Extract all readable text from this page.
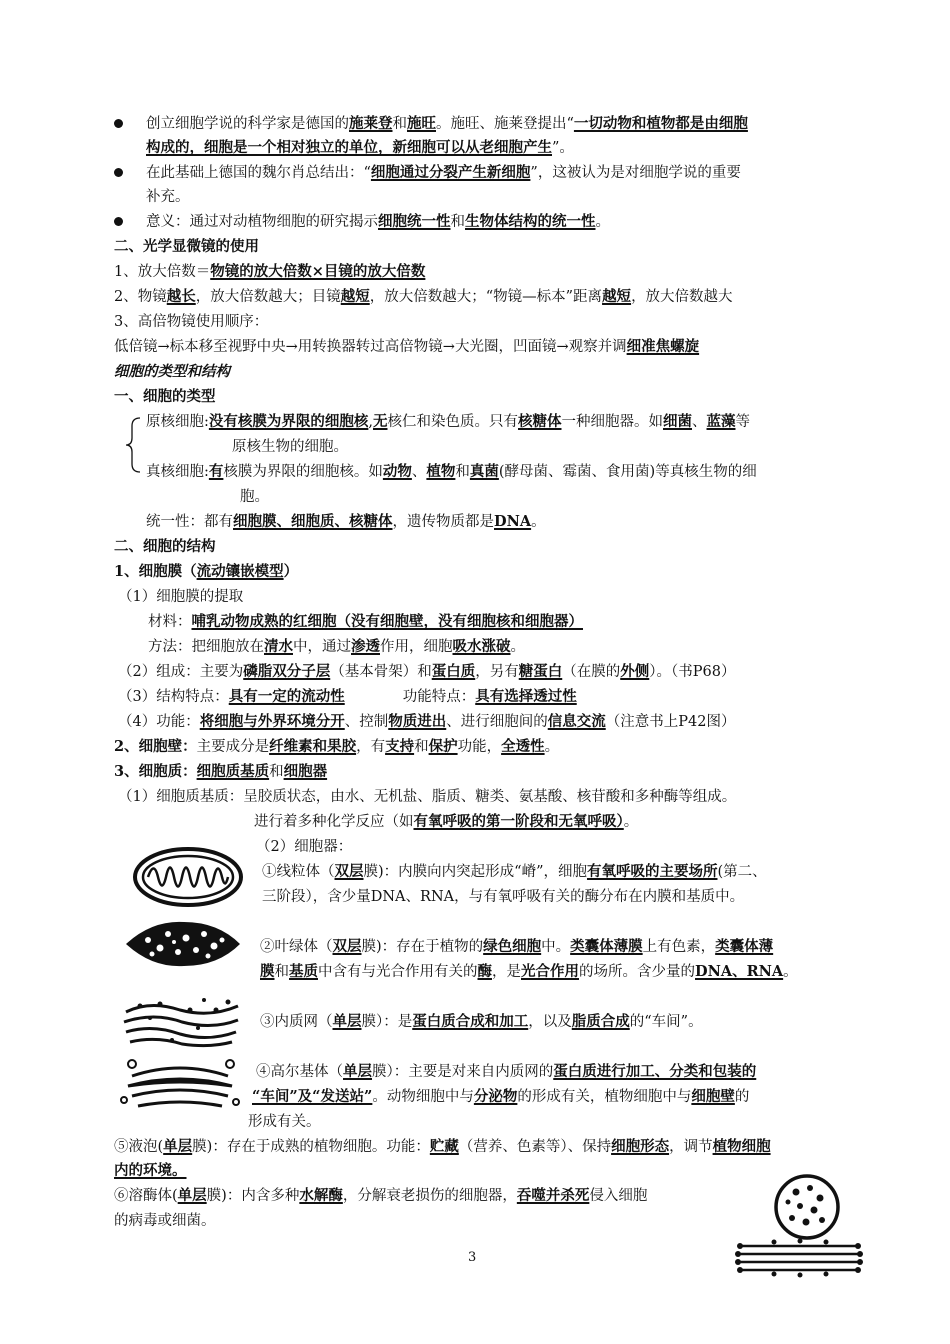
创立细胞学说的科学家是德国的施莱登和施旺。施旺、施莱登提出“一切动物和植物都是由细胞
构成的，细胞是一个相对独立的单位，新细胞可以从老细胞产生”。
在此基础上德国的魏尔肖总结出：“细胞通过分裂产生新细胞”，这被认为是对细胞学说的重要
补充。
意义：通过对动植物细胞的研究揭示细胞统一性和生物体结构的统一性。
二、光学显微镜的使用
1、放大倍数＝物镜的放大倍数×目镜的放大倍数
2、物镜越长，放大倍数越大；目镜越短，放大倍数越大；“物镜—标本”距离越短，放大倍数越大
3、高倍物镜使用顺序：
低倍镜→标本移至视野中央→用转换器转过高倍物镜→大光圈，凹面镜→观察并调细准焦螺旋
细胞的类型和结构
一、细胞的类型
原核细胞:没有核膜为界限的细胞核,无核仁和染色质。只有核糖体一种细胞器。如细菌、蓝藻等
原核生物的细胞。
真核细胞:有核膜为界限的细胞核。如动物、植物和真菌(酵母菌、霉菌、食用菌)等真核生物的细
胞。
统一性：都有细胞膜、细胞质、核糖体，遗传物质都是DNA。
二、细胞的结构
1、细胞膜（流动镶嵌模型）
（1）细胞膜的提取
材料：哺乳动物成熟的红细胞（没有细胞壁，没有细胞核和细胞器）
方法：把细胞放在清水中，通过渗透作用，细胞吸水涨破。
（2）组成：主要为磷脂双分子层（基本骨架）和蛋白质，另有糖蛋白（在膜的外侧）。（书P68）
（3）结构特点：具有一定的流动性	功能特点：具有选择透过性
（4）功能：将细胞与外界环境分开、控制物质进出、进行细胞间的信息交流（注意书上P42图）
2、细胞壁：主要成分是纤维素和果胶，有支持和保护功能，全透性。
3、细胞质：细胞质基质和细胞器
（1）细胞质基质：呈胶质状态，由水、无机盐、脂质、糖类、氨基酸、核苷酸和多种酶等组成。
进行着多种化学反应（如有氧呼吸的第一阶段和无氧呼吸）。
（2）细胞器：
①线粒体（双层膜)：内膜向内突起形成“嵴”，细胞有氧呼吸的主要场所(第二、
三阶段），含少量DNA、RNA，与有氧呼吸有关的酶分布在内膜和基质中。
②叶绿体（双层膜)：存在于植物的绿色细胞中。类囊体薄膜上有色素，类囊体薄
膜和基质中含有与光合作用有关的酶，是光合作用的场所。含少量的DNA、RNA。
③内质网（单层膜）：是蛋白质合成和加工，以及脂质合成的“车间”。
④高尔基体（单层膜）：主要是对来自内质网的蛋白质进行加工、分类和包装的
“车间”及“发送站”。动物细胞中与分泌物的形成有关，植物细胞中与细胞壁的
形成有关。
⑤液泡(单层膜)：存在于成熟的植物细胞。功能：贮藏（营养、色素等）、保持细胞形态，调节植物细胞
内的环境。
⑥溶酶体(单层膜)：内含多种水解酶，分解衰老损伤的细胞器，吞噬并杀死侵入细胞
的病毒或细菌。
3
